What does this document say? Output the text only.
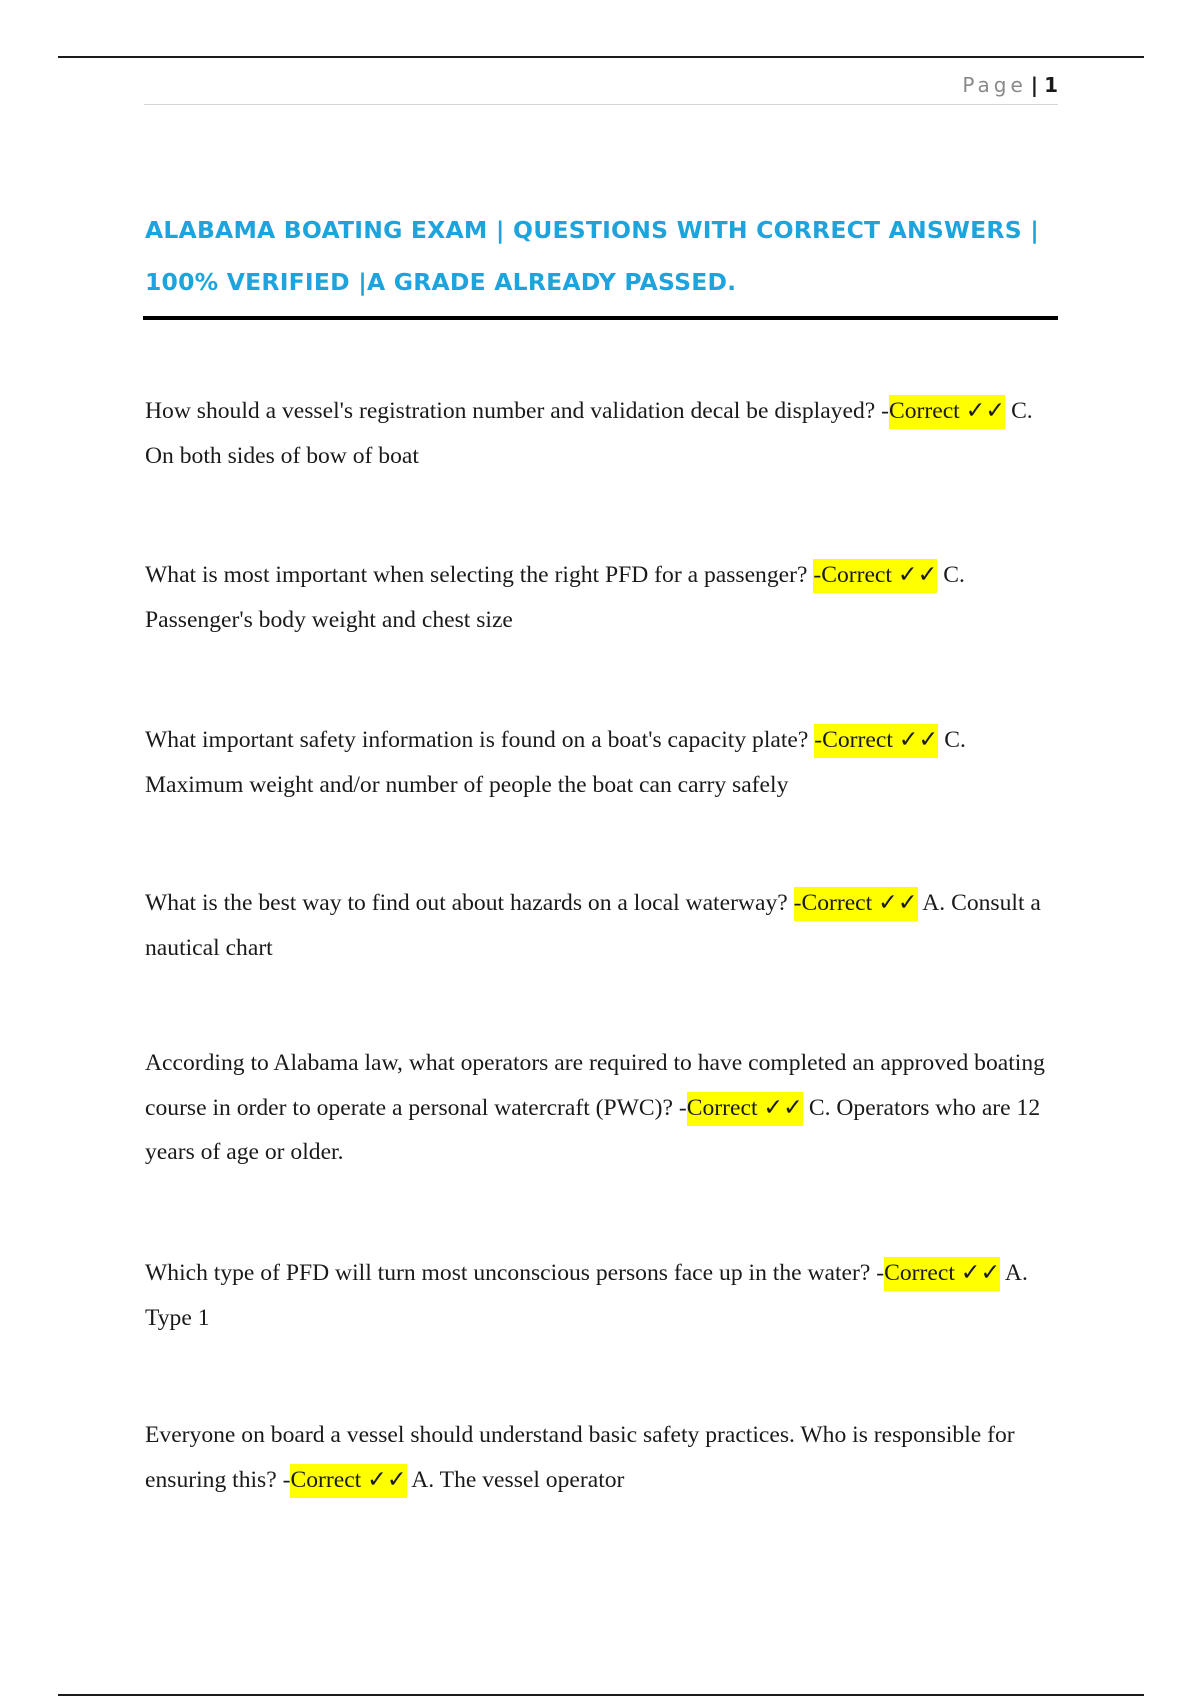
Page | 1
ALABAMA BOATING EXAM | QUESTIONS WITH CORRECT ANSWERS | 100% VERIFIED |A GRADE ALREADY PASSED.

How should a vessel's registration number and validation decal be displayed? -Correct ✓✓ C. On both sides of bow of boat

What is most important when selecting the right PFD for a passenger? -Correct ✓✓ C. Passenger's body weight and chest size

What important safety information is found on a boat's capacity plate? -Correct ✓✓ C. Maximum weight and/or number of people the boat can carry safely

What is the best way to find out about hazards on a local waterway? -Correct ✓✓ A. Consult a nautical chart

According to Alabama law, what operators are required to have completed an approved boating course in order to operate a personal watercraft (PWC)? -Correct ✓✓ C. Operators who are 12 years of age or older.

Which type of PFD will turn most unconscious persons face up in the water? -Correct ✓✓ A. Type 1

Everyone on board a vessel should understand basic safety practices. Who is responsible for ensuring this? -Correct ✓✓ A. The vessel operator
